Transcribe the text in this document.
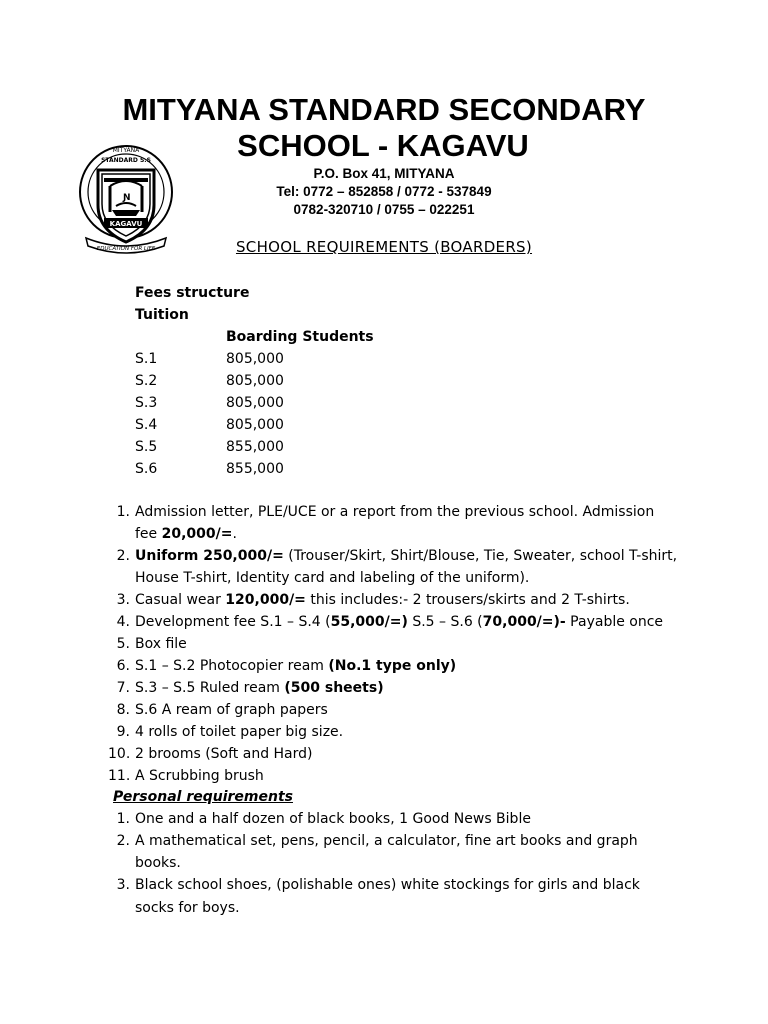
Ɲ
KAGAVU
MITYANA
STANDARD S.S
EDUCATION FOR LIFE
MITYANA STANDARD SECONDARY
SCHOOL - KAGAVU
P.O. Box 41, MITYANA
Tel: 0772 – 852858 / 0772 - 537849
0782-320710 / 0755 – 022251
SCHOOL REQUIREMENTS (BOARDERS)
Fees structure
Tuition
Boarding Students
S.1	805,000
S.2	805,000
S.3	805,000
S.4	805,000
S.5	855,000
S.6	855,000
1. Admission letter, PLE/UCE or a report from the previous school. Admission
fee 20,000/=.
2. Uniform 250,000/= (Trouser/Skirt, Shirt/Blouse, Tie, Sweater, school T-shirt,
House T-shirt, Identity card and labeling of the uniform).
3. Casual wear 120,000/= this includes:- 2 trousers/skirts and 2 T-shirts.
4. Development fee S.1 – S.4 (55,000/=) S.5 – S.6 (70,000/=)- Payable once
5. Box file
6. S.1 – S.2 Photocopier ream (No.1 type only)
7. S.3 – S.5 Ruled ream (500 sheets)
8. S.6 A ream of graph papers
9. 4 rolls of toilet paper big size.
10. 2 brooms (Soft and Hard)
11. A Scrubbing brush
Personal requirements
1. One and a half dozen of black books, 1 Good News Bible
2. A mathematical set, pens, pencil, a calculator, fine art books and graph
books.
3. Black school shoes, (polishable ones) white stockings for girls and black
socks for boys.
